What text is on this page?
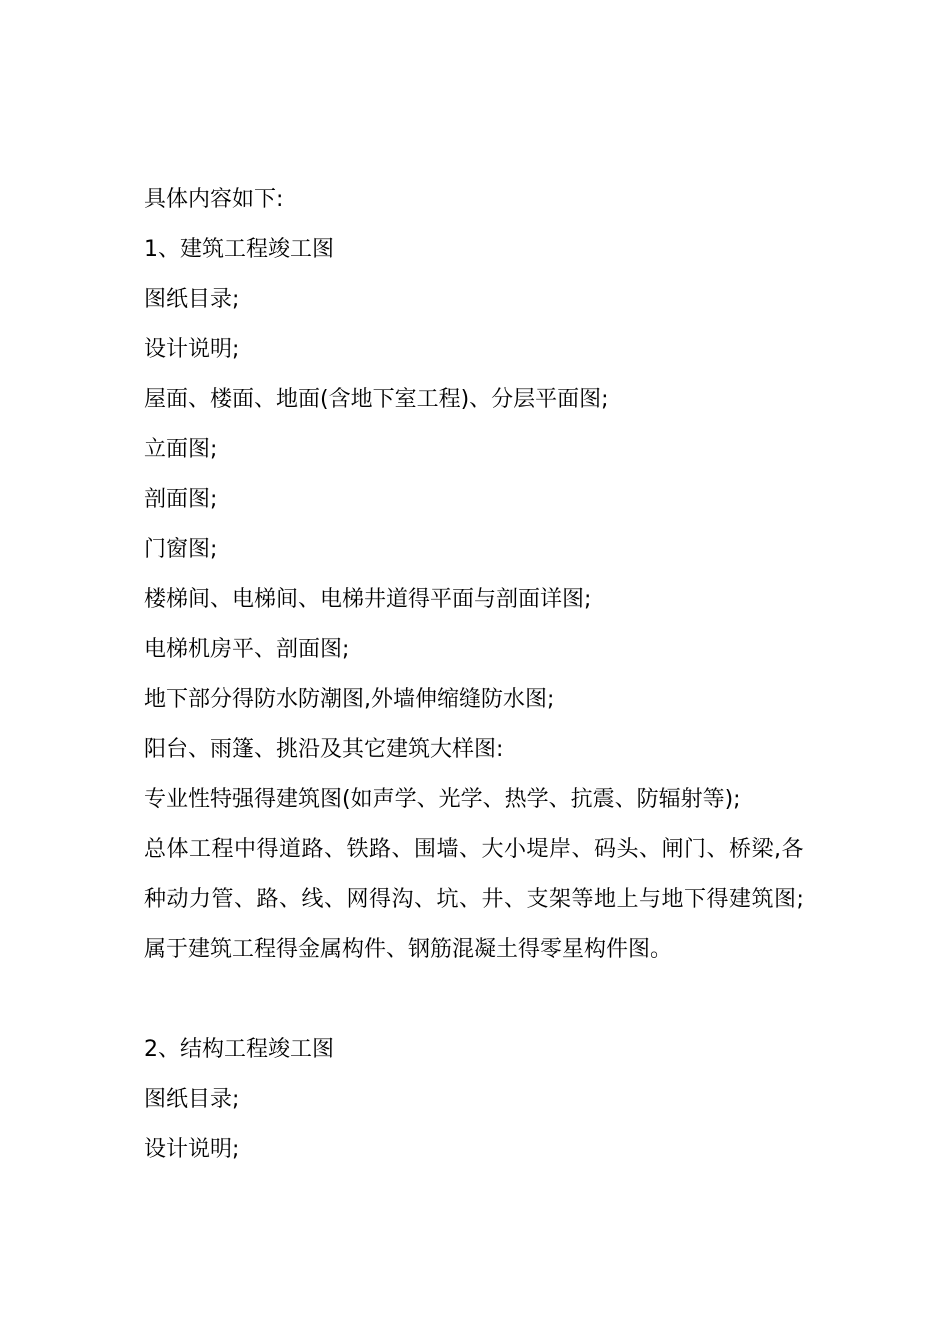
具体内容如下:
1、建筑工程竣工图
图纸目录;
设计说明;
屋面、楼面、地面(含地下室工程)、分层平面图;
立面图;
剖面图;
门窗图;
楼梯间、电梯间、电梯井道得平面与剖面详图;
电梯机房平、剖面图;
地下部分得防水防潮图,外墙伸缩缝防水图;
阳台、雨篷、挑沿及其它建筑大样图:
专业性特强得建筑图(如声学、光学、热学、抗震、防辐射等);
总体工程中得道路、铁路、围墙、大小堤岸、码头、闸门、桥梁,各种动力管、路、线、网得沟、坑、井、支架等地上与地下得建筑图;
属于建筑工程得金属构件、钢筋混凝土得零星构件图。
2、结构工程竣工图
图纸目录;
设计说明;
